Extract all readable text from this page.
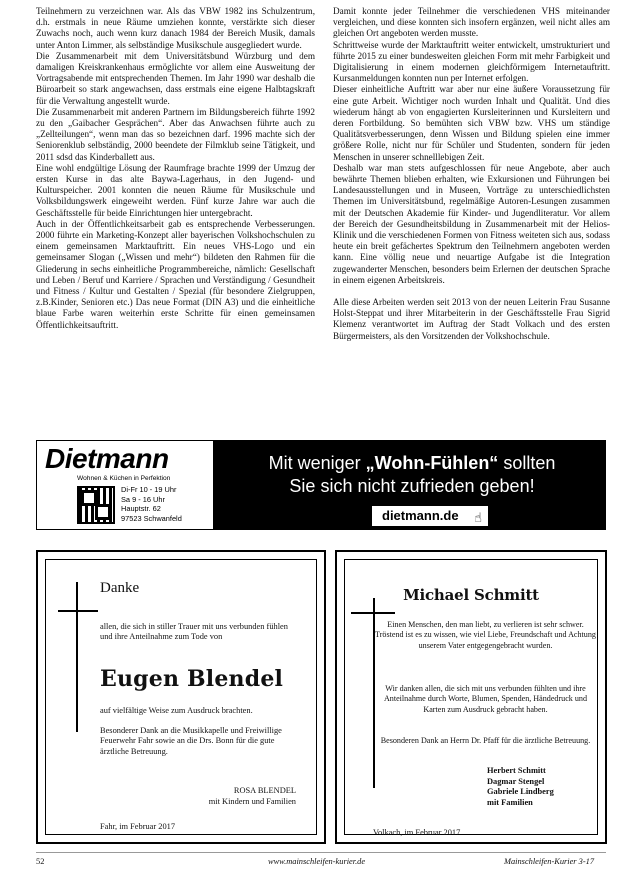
Teilnehmern zu verzeichnen war. Als das VBW 1982 ins Schulzentrum, d.h. erstmals in neue Räume umziehen konnte, verstärkte sich dieser Zuwachs noch, auch wenn kurz danach 1984 der Bereich Musik, damals unter Anton Limmer, als selbständige Musikschule ausgegliedert wurde.

Die Zusammenarbeit mit dem Universitätsbund Würzburg und dem damaligen Kreiskrankenhaus ermöglichte vor allem eine Ausweitung der Vortragsabende mit entsprechenden Themen. Im Jahr 1990 war deshalb die Büroarbeit so stark angewachsen, dass erstmals eine eigene Halbtagskraft für die Verwaltung angestellt wurde.

Die Zusammenarbeit mit anderen Partnern im Bildungsbereich führte 1992 zu den „Gaibacher Gesprächen“. Aber das Anwachsen führte auch zu „Zellteilungen“, wenn man das so bezeichnen darf. 1996 machte sich der Seniorenklub selbständig, 2000 beendete der Filmklub seine Tätigkeit, und 2011 sdsd das Kinderballett aus.

Eine wohl endgültige Lösung der Raumfrage brachte 1999 der Umzug der ersten Kurse in das alte Baywa-Lagerhaus, in den Jugend- und Kulturspeicher. 2001 konnten die neuen Räume für Musikschule und Volksbildungswerk eingeweiht werden. Fünf kurze Jahre war auch die Geschäftsstelle für beide Einrichtungen hier untergebracht.

Auch in der Öffentlichkeitsarbeit gab es entsprechende Verbesserungen. 2000 führte ein Marketing-Konzept aller bayerischen Volkshochschulen zu einem gemeinsamen Marktauftritt. Ein neues VHS-Logo und ein gemeinsamer Slogan („Wissen und mehr“) bildeten den Rahmen für die Gliederung in sechs einheitliche Programmbereiche, nämlich: Gesellschaft und Leben / Beruf und Karriere / Sprachen und Verständigung / Gesundheit und Fitness / Kultur und Gestalten / Spezial (für besondere Zielgruppen, z.B.Kinder, Senioren etc.) Das neue Format (DIN A3) und die einheitliche blaue Farbe waren weiterhin erste Schritte für einen gemeinsamen Öffentlichkeitsauftritt.

Damit konnte jeder Teilnehmer die verschiedenen VHS miteinander vergleichen, und diese konnten sich insofern ergänzen, weil nicht alles am gleichen Ort angeboten werden musste.

Schrittweise wurde der Marktauftritt weiter entwickelt, umstrukturiert und führte 2015 zu einer bundesweiten gleichen Form mit mehr Farbigkeit und Digitalisierung in einem modernen gleichförmigem Internetauftritt. Kursanmeldungen konnten nun per Internet erfolgen.

Dieser einheitliche Auftritt war aber nur eine äußere Voraussetzung für eine gute Arbeit. Wichtiger noch wurden Inhalt und Qualität. Und dies wiederum hängt ab von engagierten Kursleiterinnen und Kursleitern und deren Fortbildung. So bemühten sich VBW bzw. VHS um ständige Qualitätsverbesserungen, denn Wissen und Bildung spielen eine immer größere Rolle, nicht nur für Schüler und Studenten, sondern für jeden Menschen in unserer schnelllebigen Zeit.

Deshalb war man stets aufgeschlossen für neue Angebote, aber auch bewährte Themen blieben erhalten, wie Exkursionen und Führungen bei Landesausstellungen und in Museen, Vorträge zu unterschiedlichsten Themen im Universitätsbund, regelmäßige Autoren-Lesungen zusammen mit der Deutschen Akademie für Kinder- und Jugendliteratur. Vor allem der Bereich der Gesundheitsbildung in Zusammenarbeit mit der Helios-Klinik und die verschiedenen Formen von Fitness weiteten sich aus, sodass heute ein breit gefächertes Spektrum den Teilnehmern angeboten werden kann. Eine völlig neue und neuartige Aufgabe ist die Integration zugewanderter Menschen, besonders beim Erlernen der deutschen Sprache in einem eigenen Arbeitskreis.

Alle diese Arbeiten werden seit 2013 von der neuen Leiterin Frau Susanne Holst-Steppat und ihrer Mitarbeiterin in der Geschäftsstelle Frau Sigrid Klemenz verantwortet im Auftrag der Stadt Volkach und des ersten Bürgermeisters, als den Vorsitzenden der Volkshochschule.

Dietmann
Wohnen & Küchen in Perfektion
Di-Fr 10 - 19 Uhr
Sa 9 - 16 Uhr
Hauptstr. 62
97523 Schwanfeld
Mit weniger „Wohn-Fühlen“ sollten
Sie sich nicht zufrieden geben!
dietmann.de ☝
Danke
allen, die sich in stiller Trauer mit uns verbunden fühlen und ihre Anteilnahme zum Tode von
Eugen Blendel
auf vielfältige Weise zum Ausdruck brachten.
Besonderer Dank an die Musikkapelle und Freiwillige Feuerwehr Fahr sowie an die Drs. Bonn für die gute ärztliche Betreuung.
ROSA BLENDEL
mit Kindern und Familien
Fahr, im Februar 2017
Michael Schmitt
Einen Menschen, den man liebt, zu verlieren ist sehr schwer. Tröstend ist es zu wissen, wie viel Liebe, Freundschaft und Achtung unserem Vater entgegengebracht wurden.
Wir danken allen, die sich mit uns verbunden fühlten und ihre Anteilnahme durch Worte, Blumen, Spenden, Händedruck und Karten zum Ausdruck gebracht haben.
Besonderen Dank an Herrn Dr. Pfaff für die ärztliche Betreuung.
Herbert Schmitt
Dagmar Stengel
Gabriele Lindberg
mit Familien
Volkach, im Februar 2017
52	www.mainschleifen-kurier.de	Mainschleifen-Kurier 3-17
